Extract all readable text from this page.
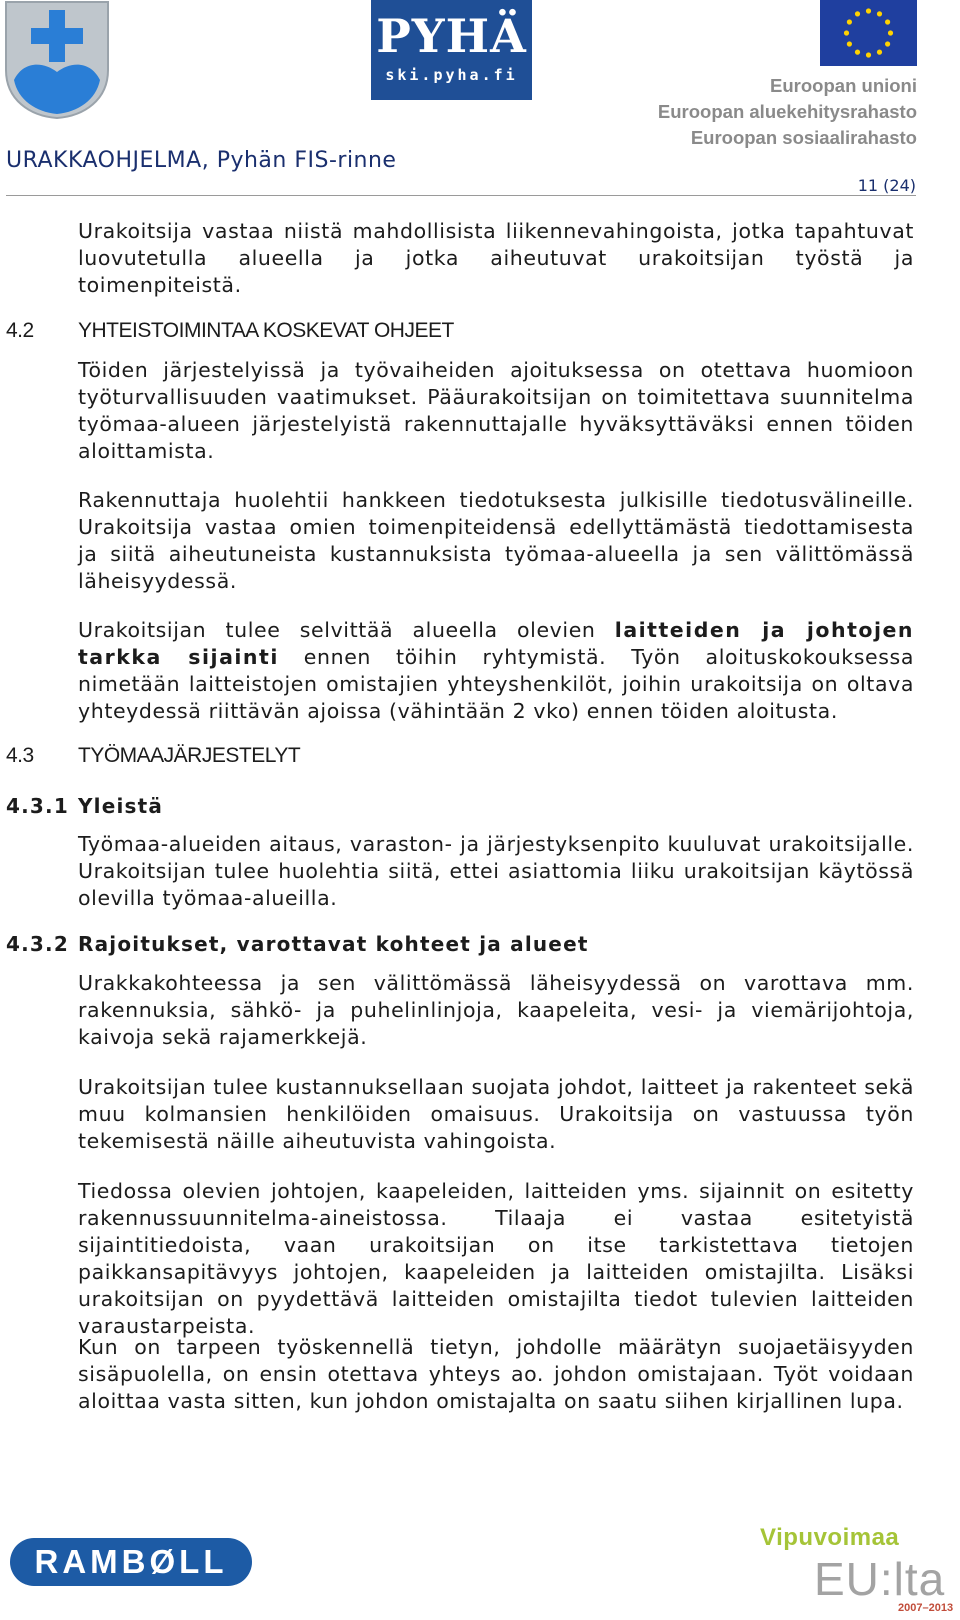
PYHÄ
ski.pyha.fi	Euroopan unioni
Euroopan aluekehitysrahasto
Euroopan sosiaalirahasto
URAKKAOHJELMA, Pyhän FIS-rinne
11 (24)
Urakoitsija vastaa niistä mahdollisista liikennevahingoista, jotka tapahtuvat luovutetulla alueella ja jotka aiheutuvat urakoitsijan työstä ja toimenpiteistä.
4.2 YHTEISTOIMINTAA KOSKEVAT OHJEET
Töiden järjestelyissä ja työvaiheiden ajoituksessa on otettava huomioon työturvallisuuden vaatimukset. Pääurakoitsijan on toimitettava suunnitelma työmaa-alueen järjestelyistä rakennuttajalle hyväksyttäväksi ennen töiden aloittamista.
Rakennuttaja huolehtii hankkeen tiedotuksesta julkisille tiedotusvälineille. Urakoitsija vastaa omien toimenpiteidensä edellyttämästä tiedottamisesta ja siitä aiheutuneista kustannuksista työmaa-alueella ja sen välittömässä läheisyydessä.
Urakoitsijan tulee selvittää alueella olevien laitteiden ja johtojen tarkka sijainti ennen töihin ryhtymistä. Työn aloituskokouksessa nimetään laitteistojen omistajien yhteyshenkilöt, joihin urakoitsija on oltava yhteydessä riittävän ajoissa (vähintään 2 vko) ennen töiden aloitusta.
4.3 TYÖMAAJÄRJESTELYT
4.3.1 Yleistä
Työmaa-alueiden aitaus, varaston- ja järjestyksenpito kuuluvat urakoitsijalle. Urakoitsijan tulee huolehtia siitä, ettei asiattomia liiku urakoitsijan käytössä olevilla työmaa-alueilla.
4.3.2 Rajoitukset, varottavat kohteet ja alueet
Urakkakohteessa ja sen välittömässä läheisyydessä on varottava mm. rakennuksia, sähkö- ja puhelinlinjoja, kaapeleita, vesi- ja viemärijohtoja, kaivoja sekä rajamerkkejä.
Urakoitsijan tulee kustannuksellaan suojata johdot, laitteet ja rakenteet sekä muu kolmansien henkilöiden omaisuus. Urakoitsija on vastuussa työn tekemisestä näille aiheutuvista vahingoista.
Tiedossa olevien johtojen, kaapeleiden, laitteiden yms. sijainnit on esitetty rakennussuunnitelma-aineistossa. Tilaaja ei vastaa esitetyistä sijaintitiedoista, vaan urakoitsijan on itse tarkistettava tietojen paikkansapitävyys johtojen, kaapeleiden ja laitteiden omistajilta. Lisäksi urakoitsijan on pyydettävä laitteiden omistajilta tiedot tulevien laitteiden varaustarpeista.
Kun on tarpeen työskennellä tietyn, johdolle määrätyn suojaetäisyyden sisäpuolella, on ensin otettava yhteys ao. johdon omistajaan. Työt voidaan aloittaa vasta sitten, kun johdon omistajalta on saatu siihen kirjallinen lupa.
RAMBØLL
Vipuvoimaa
EU:lta
2007–2013
